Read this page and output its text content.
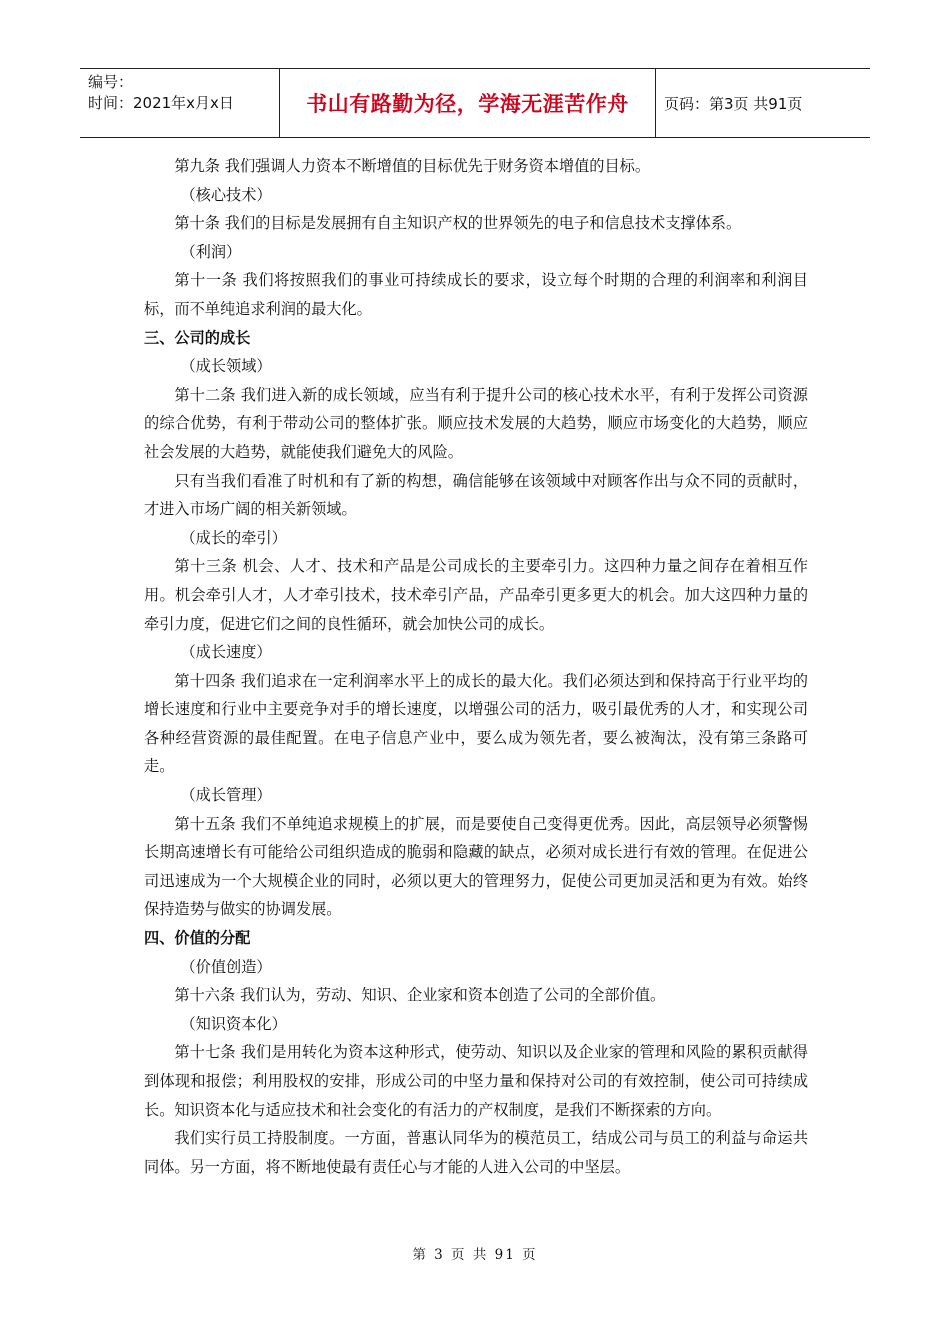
编号：
时间：2021年x月x日	书山有路勤为径，学海无涯苦作舟	页码：第3页 共91页

第九条 我们强调人力资本不断增值的目标优先于财务资本增值的目标。

（核心技术）

第十条 我们的目标是发展拥有自主知识产权的世界领先的电子和信息技术支撑体系。

（利润）

第十一条 我们将按照我们的事业可持续成长的要求，设立每个时期的合理的利润率和利润目标，而不单纯追求利润的最大化。

三、公司的成长

（成长领域）

第十二条 我们进入新的成长领域，应当有利于提升公司的核心技术水平，有利于发挥公司资源的综合优势，有利于带动公司的整体扩张。顺应技术发展的大趋势，顺应市场变化的大趋势，顺应社会发展的大趋势，就能使我们避免大的风险。

只有当我们看准了时机和有了新的构想，确信能够在该领域中对顾客作出与众不同的贡献时，才进入市场广阔的相关新领域。

（成长的牵引）

第十三条 机会、人才、技术和产品是公司成长的主要牵引力。这四种力量之间存在着相互作用。机会牵引人才，人才牵引技术，技术牵引产品，产品牵引更多更大的机会。加大这四种力量的牵引力度，促进它们之间的良性循环，就会加快公司的成长。

（成长速度）

第十四条 我们追求在一定利润率水平上的成长的最大化。我们必须达到和保持高于行业平均的增长速度和行业中主要竞争对手的增长速度，以增强公司的活力，吸引最优秀的人才，和实现公司各种经营资源的最佳配置。在电子信息产业中，要么成为领先者，要么被淘汰，没有第三条路可走。

（成长管理）

第十五条 我们不单纯追求规模上的扩展，而是要使自己变得更优秀。因此，高层领导必须警惕长期高速增长有可能给公司组织造成的脆弱和隐藏的缺点，必须对成长进行有效的管理。在促进公司迅速成为一个大规模企业的同时，必须以更大的管理努力，促使公司更加灵活和更为有效。始终保持造势与做实的协调发展。

四、价值的分配

（价值创造）

第十六条 我们认为，劳动、知识、企业家和资本创造了公司的全部价值。

（知识资本化）

第十七条 我们是用转化为资本这种形式，使劳动、知识以及企业家的管理和风险的累积贡献得到体现和报偿；利用股权的安排，形成公司的中坚力量和保持对公司的有效控制，使公司可持续成长。知识资本化与适应技术和社会变化的有活力的产权制度，是我们不断探索的方向。

我们实行员工持股制度。一方面，普惠认同华为的模范员工，结成公司与员工的利益与命运共同体。另一方面，将不断地使最有责任心与才能的人进入公司的中坚层。

第 3 页 共 91 页
